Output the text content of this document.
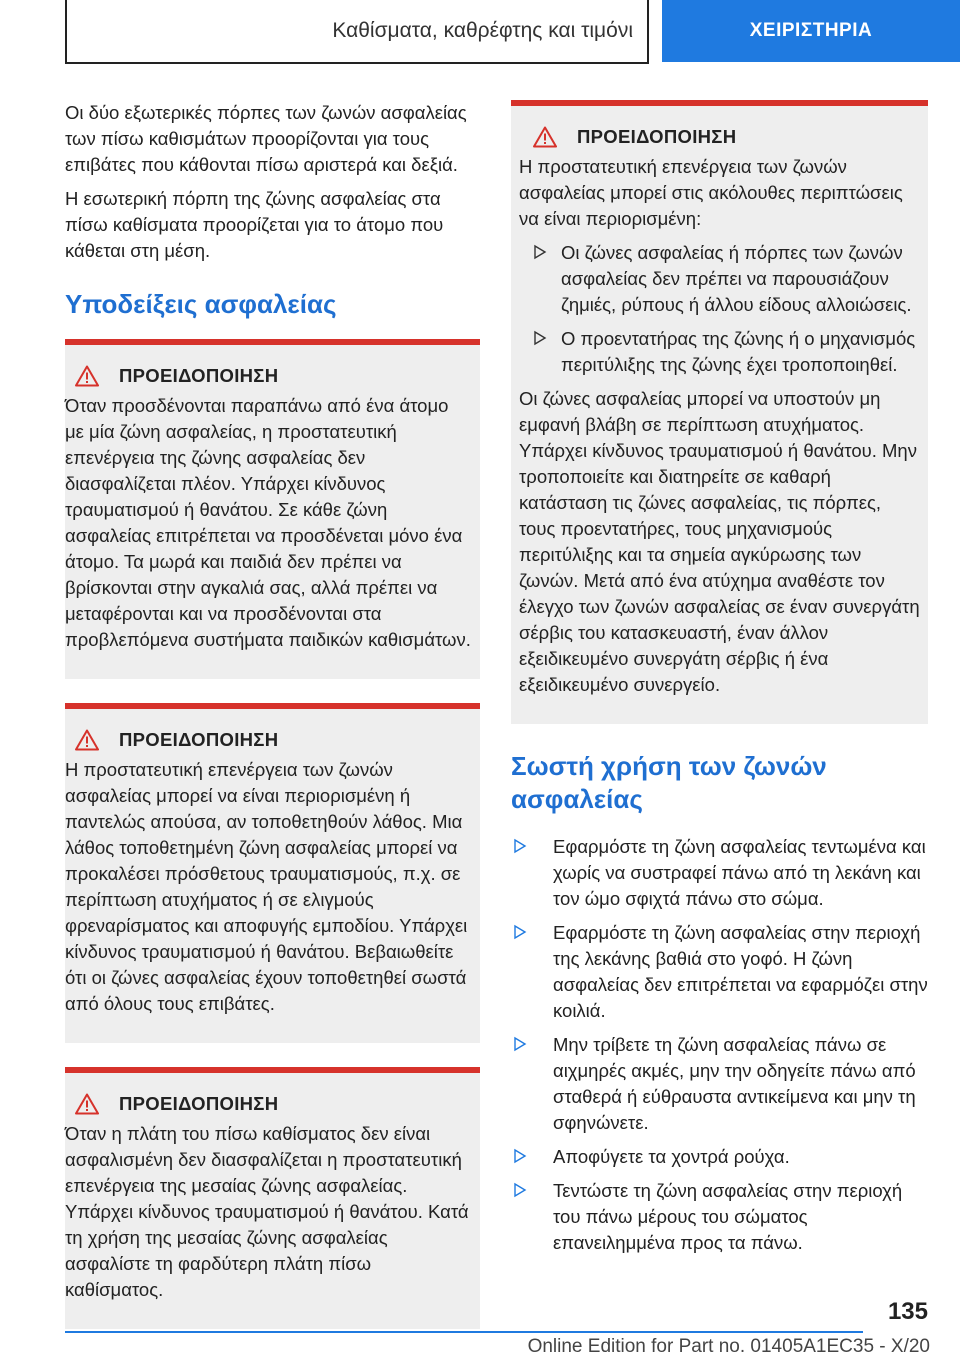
Καθίσματα, καθρέφτης και τιμόνι	ΧΕΙΡΙΣΤΗΡΙΑ

Οι δύο εξωτερικές πόρπες των ζωνών ασφαλείας των πίσω καθισμάτων προορίζονται για τους επιβάτες που κάθονται πίσω αριστερά και δεξιά.

Η εσωτερική πόρπη της ζώνης ασφαλείας στα πίσω καθίσματα προορίζεται για το άτομο που κάθεται στη μέση.

Υποδείξεις ασφαλείας
ΠΡΟΕΙΔΟΠΟΙΗΣΗ

Όταν προσδένονται παραπάνω από ένα άτομο με μία ζώνη ασφαλείας, η προστατευτική επενέργεια της ζώνης ασφαλείας δεν διασφαλίζεται πλέον. Υπάρχει κίνδυνος τραυματισμού ή θανάτου. Σε κάθε ζώνη ασφαλείας επιτρέπεται να προσδένεται μόνο ένα άτομο. Τα μωρά και παιδιά δεν πρέπει να βρίσκονται στην αγκαλιά σας, αλλά πρέπει να μεταφέρονται και να προσδένονται στα προβλεπόμενα συστήματα παιδικών καθισμάτων.

ΠΡΟΕΙΔΟΠΟΙΗΣΗ

Η προστατευτική επενέργεια των ζωνών ασφαλείας μπορεί να είναι περιορισμένη ή παντελώς απούσα, αν τοποθετηθούν λάθος. Μια λάθος τοποθετημένη ζώνη ασφαλείας μπορεί να προκαλέσει πρόσθετους τραυματισμούς, π.χ. σε περίπτωση ατυχήματος ή σε ελιγμούς φρεναρίσματος και αποφυγής εμποδίου. Υπάρχει κίνδυνος τραυματισμού ή θανάτου. Βεβαιωθείτε ότι οι ζώνες ασφαλείας έχουν τοποθετηθεί σωστά από όλους τους επιβάτες.

ΠΡΟΕΙΔΟΠΟΙΗΣΗ

Όταν η πλάτη του πίσω καθίσματος δεν είναι ασφαλισμένη δεν διασφαλίζεται η προστατευτική επενέργεια της μεσαίας ζώνης ασφαλείας. Υπάρχει κίνδυνος τραυματισμού ή θανάτου. Κατά τη χρήση της μεσαίας ζώνης ασφαλείας ασφαλίστε τη φαρδύτερη πλάτη πίσω καθίσματος.

ΠΡΟΕΙΔΟΠΟΙΗΣΗ

Η προστατευτική επενέργεια των ζωνών ασφαλείας μπορεί στις ακόλουθες περιπτώσεις να είναι περιορισμένη:

Οι ζώνες ασφαλείας ή πόρπες των ζωνών ασφαλείας δεν πρέπει να παρουσιάζουν ζημιές, ρύπους ή άλλου είδους αλλοιώσεις.
Ο προεντατήρας της ζώνης ή ο μηχανισμός περιτύλιξης της ζώνης έχει τροποποιηθεί.

Οι ζώνες ασφαλείας μπορεί να υποστούν μη εμφανή βλάβη σε περίπτωση ατυχήματος. Υπάρχει κίνδυνος τραυματισμού ή θανάτου. Μην τροποποιείτε και διατηρείτε σε καθαρή κατάσταση τις ζώνες ασφαλείας, τις πόρπες, τους προεντατήρες, τους μηχανισμούς περιτύλιξης και τα σημεία αγκύρωσης των ζωνών. Μετά από ένα ατύχημα αναθέστε τον έλεγχο των ζωνών ασφαλείας σε έναν συνεργάτη σέρβις του κατασκευαστή, έναν άλλον εξειδικευμένο συνεργάτη σέρβις ή ένα εξειδικευμένο συνεργείο.

Σωστή χρήση των ζωνών ασφαλείας
Εφαρμόστε τη ζώνη ασφαλείας τεντωμένα και χωρίς να συστραφεί πάνω από τη λεκάνη και τον ώμο σφιχτά πάνω στο σώμα.
Εφαρμόστε τη ζώνη ασφαλείας στην περιοχή της λεκάνης βαθιά στο γοφό. Η ζώνη ασφαλείας δεν επιτρέπεται να εφαρμόζει στην κοιλιά.
Μην τρίβετε τη ζώνη ασφαλείας πάνω σε αιχμηρές ακμές, μην την οδηγείτε πάνω από σταθερά ή εύθραυστα αντικείμενα και μην τη σφηνώνετε.
Αποφύγετε τα χοντρά ρούχα.
Τεντώστε τη ζώνη ασφαλείας στην περιοχή του πάνω μέρους του σώματος επανειλημμένα προς τα πάνω.
135
Online Edition for Part no. 01405A1EC35 - X/20
